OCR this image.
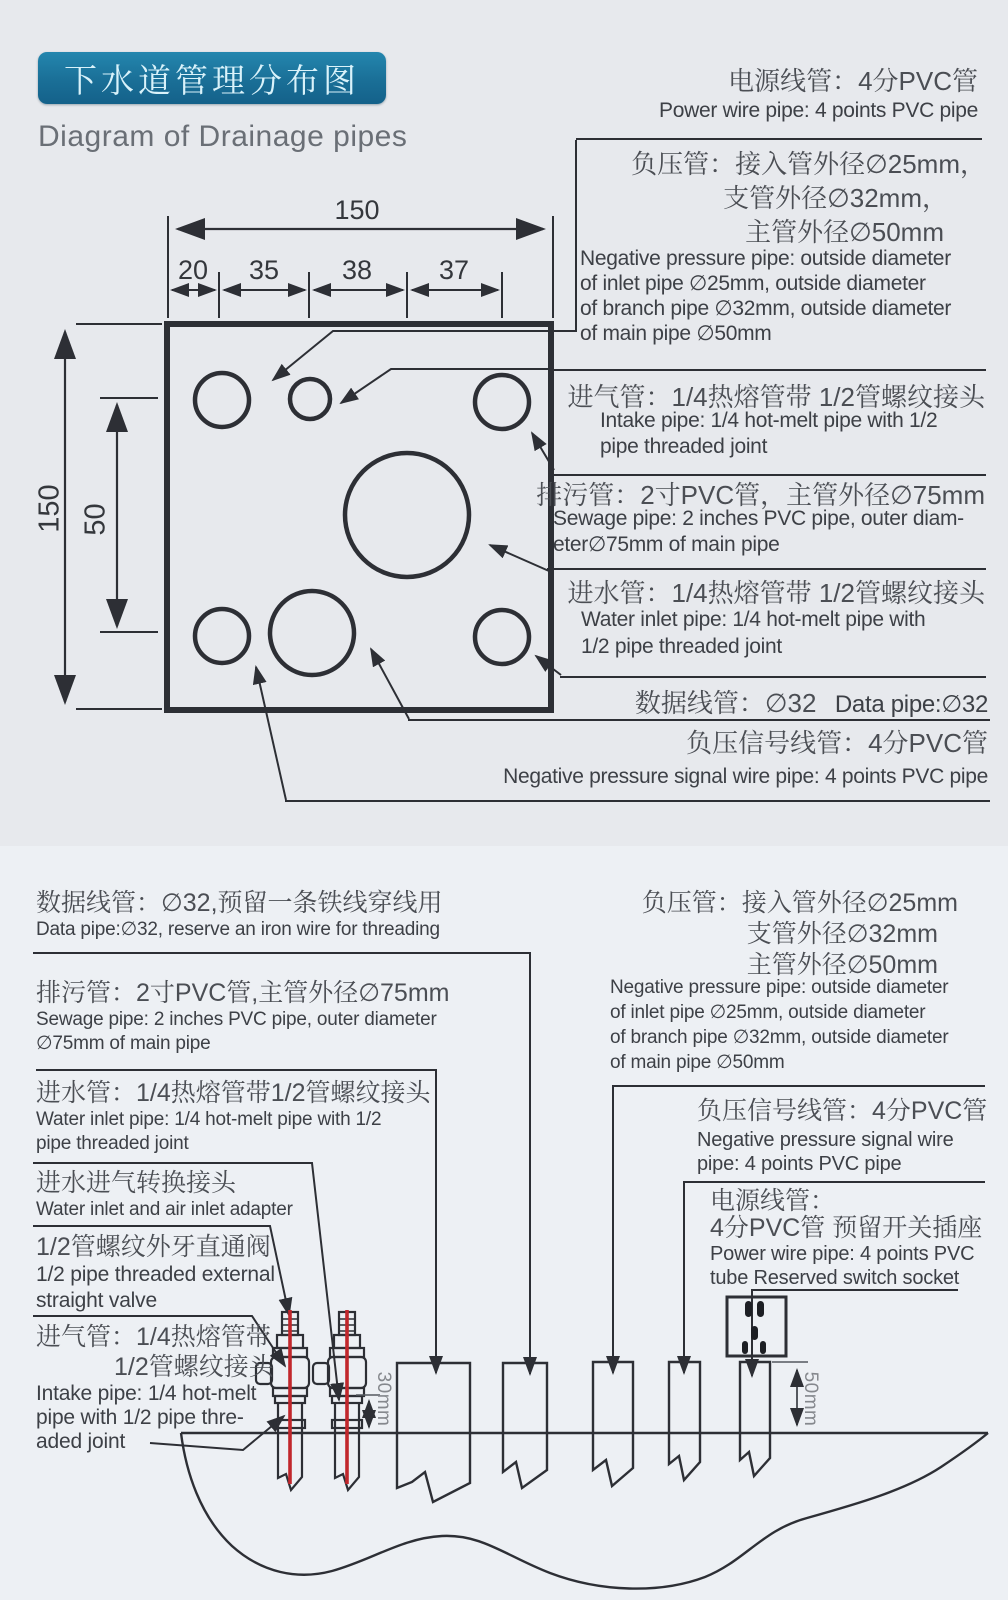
下水道管理分布图
Diagram of Drainage pipes
150
20 35 38 37
150 50
30mm	50mm
电源线管：4分PVC管
Power wire pipe: 4 points PVC pipe
负压管：接入管外径∅25mm，
支管外径∅32mm，
主管外径∅50mm
Negative pressure pipe: outside diameter
of inlet pipe ∅25mm, outside diameter
of branch pipe ∅32mm, outside diameter
of main pipe ∅50mm
进气管：1/4热熔管带 1/2管螺纹接头
Intake pipe: 1/4 hot-melt pipe with 1/2
pipe threaded joint
排污管：2寸PVC管，主管外径∅75mm
Sewage pipe: 2 inches PVC pipe, outer diam-
eter∅75mm of main pipe
进水管：1/4热熔管带 1/2管螺纹接头
Water inlet pipe: 1/4 hot-melt pipe with
1/2 pipe threaded joint
数据线管：∅32 Data pipe:∅32
负压信号线管：4分PVC管
Negative pressure signal wire pipe: 4 points PVC pipe
数据线管：∅32,预留一条铁线穿线用
Data pipe:∅32, reserve an iron wire for threading
排污管：2寸PVC管,主管外径∅75mm
Sewage pipe: 2 inches PVC pipe, outer diameter
∅75mm of main pipe
进水管：1/4热熔管带1/2管螺纹接头
Water inlet pipe: 1/4 hot-melt pipe with 1/2
pipe threaded joint
进水进气转换接头
Water inlet and air inlet adapter
1/2管螺纹外牙直通阀
1/2 pipe threaded external
straight valve
进气管：1/4热熔管带
1/2管螺纹接头
Intake pipe: 1/4 hot-melt
pipe with 1/2 pipe thre-
aded joint
负压管：接入管外径∅25mm
支管外径∅32mm
主管外径∅50mm
Negative pressure pipe: outside diameter
of inlet pipe ∅25mm, outside diameter
of branch pipe ∅32mm, outside diameter
of main pipe ∅50mm
负压信号线管：4分PVC管
Negative pressure signal wire
pipe: 4 points PVC pipe
电源线管：
4分PVC管 预留开关插座
Power wire pipe: 4 points PVC
tube Reserved switch socket
